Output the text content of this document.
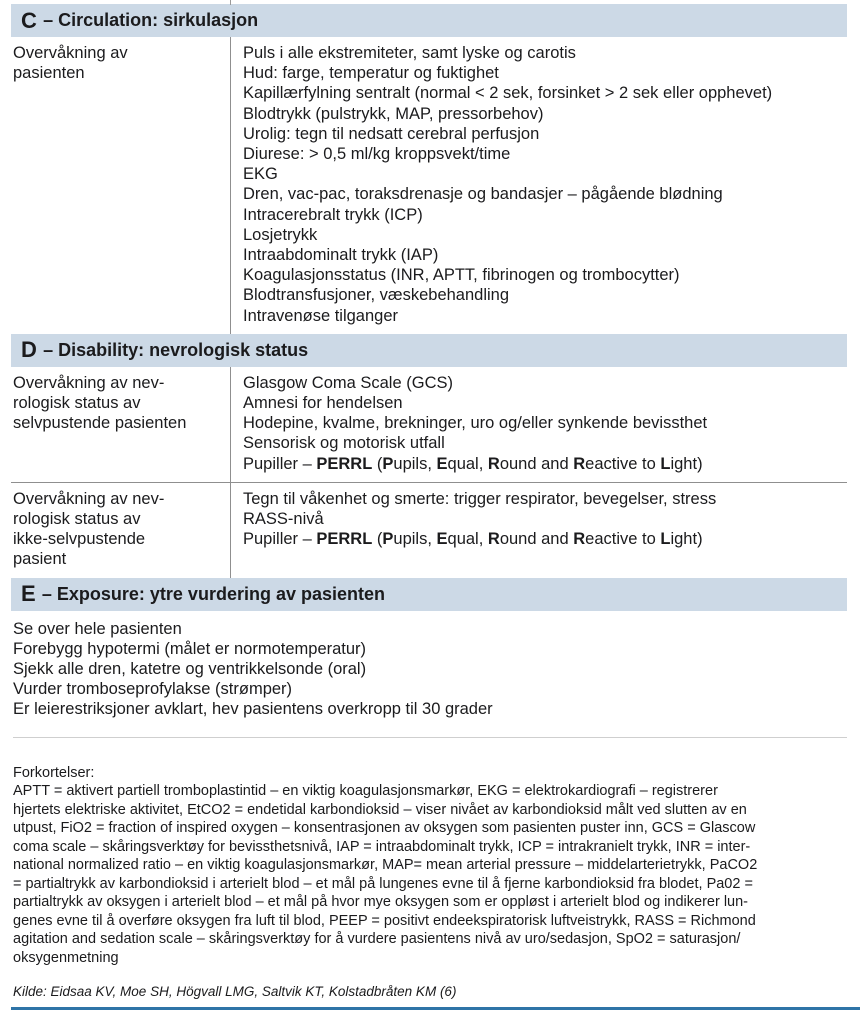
C – Circulation: sirkulasjon
Overvåkning av
pasienten
Puls i alle ekstremiteter, samt lyske og carotis
Hud: farge, temperatur og fuktighet
Kapillærfylning sentralt (normal < 2 sek, forsinket > 2 sek eller opphevet)
Blodtrykk (pulstrykk, MAP, pressorbehov)
Urolig: tegn til nedsatt cerebral perfusjon
Diurese: > 0,5 ml/kg kroppsvekt/time
EKG
Dren, vac-pac, toraksdrenasje og bandasjer – pågående blødning
Intracerebralt trykk (ICP)
Losjetrykk
Intraabdominalt trykk (IAP)
Koagulasjonsstatus (INR, APTT, fibrinogen og trombocytter)
Blodtransfusjoner, væskebehandling
Intravenøse tilganger
D – Disability: nevrologisk status
Overvåkning av nev-
rologisk status av
selvpustende pasienten
Glasgow Coma Scale (GCS)
Amnesi for hendelsen
Hodepine, kvalme, brekninger, uro og/eller synkende bevissthet
Sensorisk og motorisk utfall
Pupiller – PERRL (Pupils, Equal, Round and Reactive to Light)
Overvåkning av nev-
rologisk status av
ikke-selvpustende
pasient
Tegn til våkenhet og smerte: trigger respirator, bevegelser, stress
RASS-nivå
Pupiller – PERRL (Pupils, Equal, Round and Reactive to Light)
E – Exposure: ytre vurdering av pasienten
Se over hele pasienten
Forebygg hypotermi (målet er normotemperatur)
Sjekk alle dren, katetre og ventrikkelsonde (oral)
Vurder tromboseprofylakse (strømper)
Er leierestriksjoner avklart, hev pasientens overkropp til 30 grader
Forkortelser:
APTT = aktivert partiell tromboplastintid – en viktig koagulasjonsmarkør, EKG = elektrokardiografi – registrerer
hjertets elektriske aktivitet, EtCO2 = endetidal karbondioksid – viser nivået av karbondioksid målt ved slutten av en
utpust, FiO2 = fraction of inspired oxygen – konsentrasjonen av oksygen som pasienten puster inn, GCS = Glascow
coma scale – skåringsverktøy for bevissthetsnivå, IAP = intraabdominalt trykk, ICP = intrakranielt trykk, INR = inter-
national normalized ratio – en viktig koagulasjonsmarkør, MAP= mean arterial pressure – middelarterietrykk, PaCO2
= partialtrykk av karbondioksid i arterielt blod – et mål på lungenes evne til å fjerne karbondioksid fra blodet, Pa02 =
partialtrykk av oksygen i arterielt blod – et mål på hvor mye oksygen som er oppløst i arterielt blod og indikerer lun-
genes evne til å overføre oksygen fra luft til blod, PEEP = positivt endeekspiratorisk luftveistrykk, RASS = Richmond
agitation and sedation scale – skåringsverktøy for å vurdere pasientens nivå av uro/sedasjon, SpO2 = saturasjon/
oksygenmetning
Kilde: Eidsaa KV, Moe SH, Högvall LMG, Saltvik KT, Kolstadbråten KM (6)
